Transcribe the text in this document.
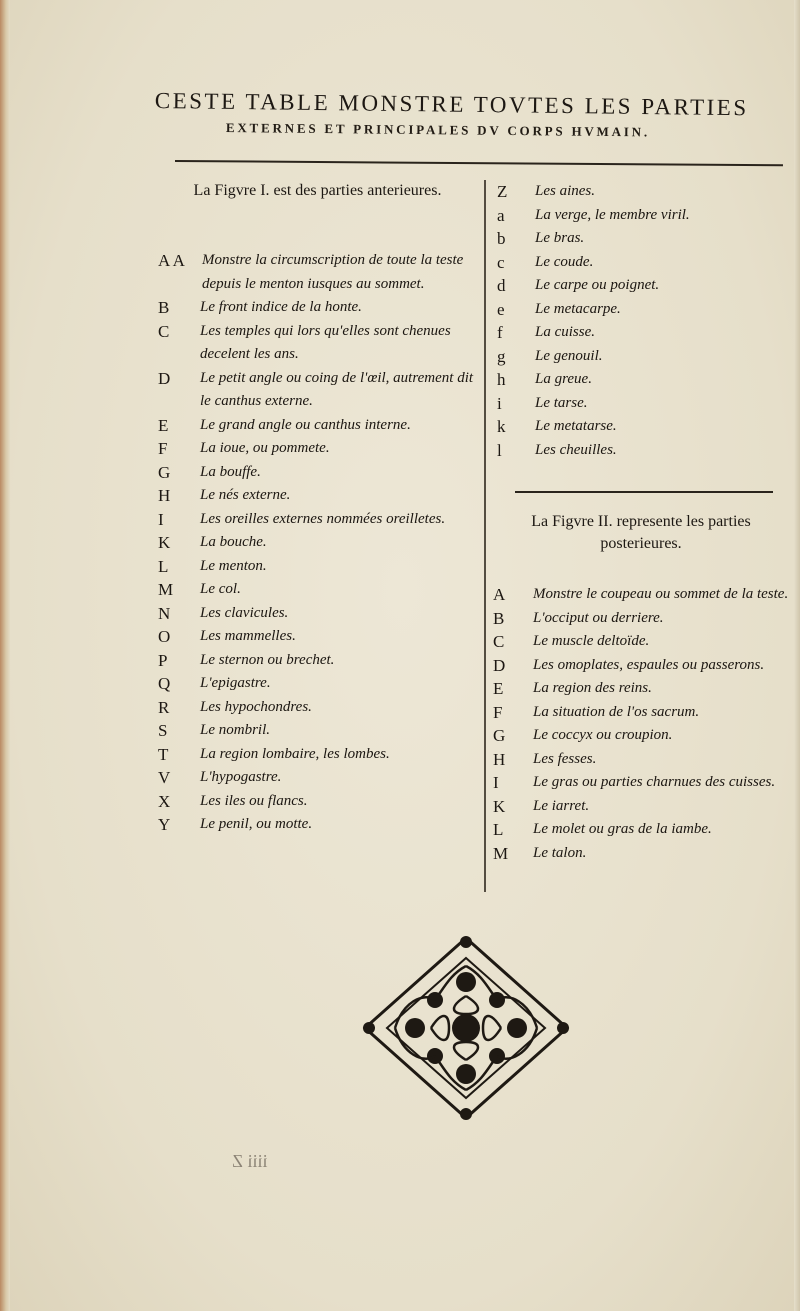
CESTE TABLE MONSTRE TOVTES LES PARTIES
EXTERNES ET PRINCIPALES DV CORPS HVMAIN.
La Figvre I. est des parties anterieures.
A A Monstre la circumscription de toute la teste depuis le menton iusques au sommet.
B Le front indice de la honte.
C Les temples qui lors qu'elles sont chenues decelent les ans.
D Le petit angle ou coing de l'œil, autrement dit le canthus externe.
E Le grand angle ou canthus interne.
F La ioue, ou pommete.
G La bouffe.
H Le nés externe.
I Les oreilles externes nommées oreilletes.
K La bouche.
L Le menton.
M Le col.
N Les clavicules.
O Les mammelles.
P Le sternon ou brechet.
Q L'epigastre.
R Les hypochondres.
S Le nombril.
T La region lombaire, les lombes.
V L'hypogastre.
X Les iles ou flancs.
Y Le penil, ou motte.
Z Les aines.
a La verge, le membre viril.
b Le bras.
c Le coude.
d Le carpe ou poignet.
e Le metacarpe.
f La cuisse.
g Le genouil.
h La greue.
i Le tarse.
k Le metatarse.
l Les cheuilles.
La Figvre II. represente les parties posterieures.
A Monstre le coupeau ou sommet de la teste.
B L'occiput ou derriere.
C Le muscle deltoïde.
D Les omoplates, espaules ou passerons.
E La region des reins.
F La situation de l'os sacrum.
G Le coccyx ou croupion.
H Les fesses.
I Le gras ou parties charnues des cuisses.
K Le iarret.
L Le molet ou gras de la iambe.
M Le talon.
iiii Z
